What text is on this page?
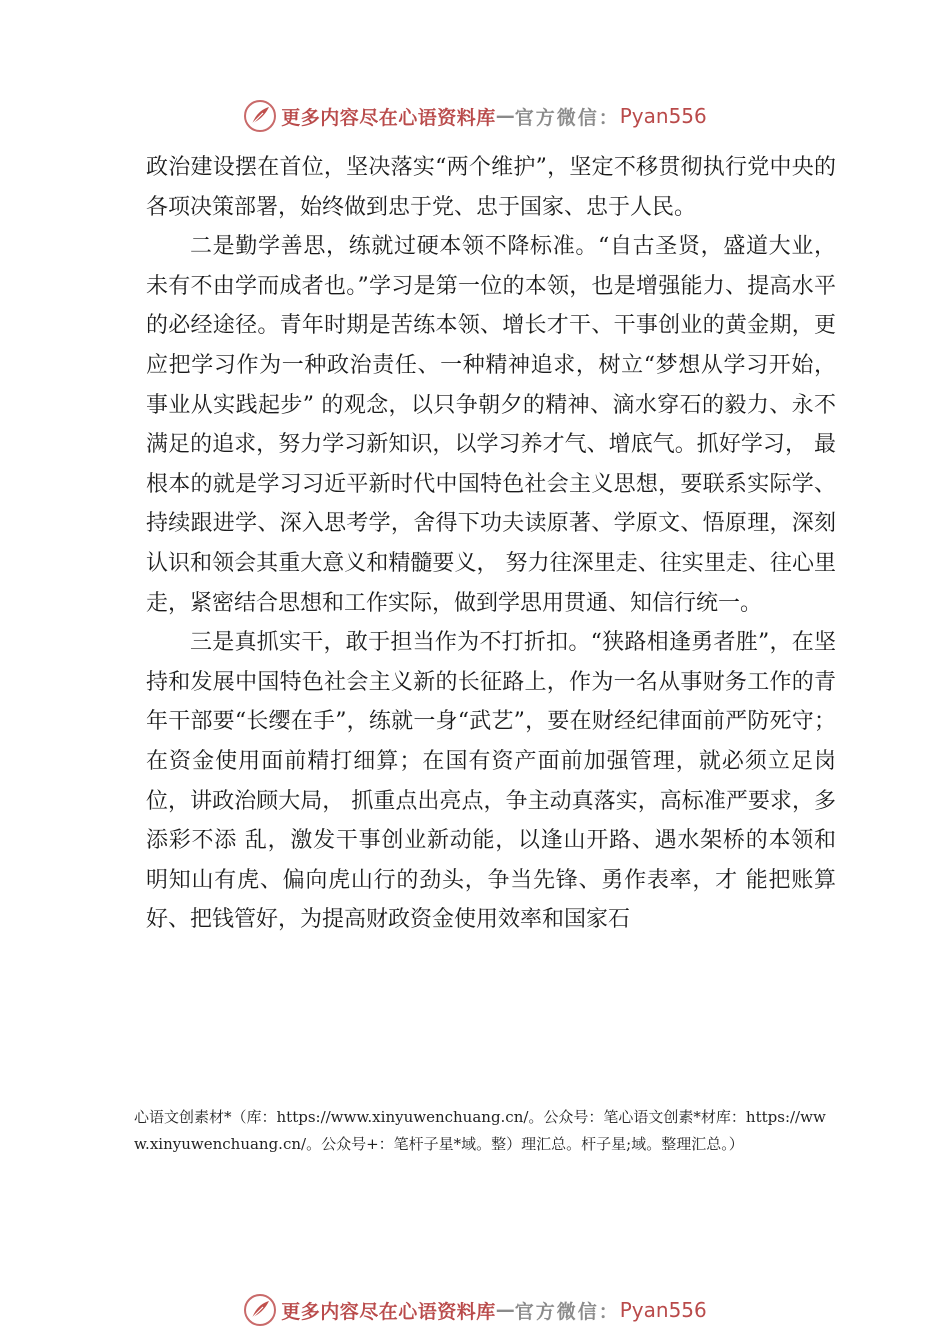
更多内容尽在心语资料库 — 官方微信： Pyan556

政治建设摆在首位，坚决落实“两个维护”，坚定不移贯彻执行党中央的各项决策部署，始终做到忠于党、忠于国家、忠于人民。

二是勤学善思，练就过硬本领不降标准。“自古圣贤，盛道大业，未有不由学而成者也。”学习是第一位的本领，也是增强能力、提高水平的必经途径。青年时期是苦练本领、增长才干、干事创业的黄金期，更应把学习作为一种政治责任、一种精神追求，树立“梦想从学习开始，事业从实践起步” 的观念，以只争朝夕的精神、滴水穿石的毅力、永不满足的追求，努力学习新知识，以学习养才气、增底气。抓好学习， 最根本的就是学习习近平新时代中国特色社会主义思想，要联系实际学、持续跟进学、深入思考学，舍得下功夫读原著、学原文、悟原理，深刻认识和领会其重大意义和精髓要义， 努力往深里走、往实里走、往心里走，紧密结合思想和工作实际，做到学思用贯通、知信行统一。

三是真抓实干，敢于担当作为不打折扣。“狭路相逢勇者胜”，在坚持和发展中国特色社会主义新的长征路上，作为一名从事财务工作的青年干部要“长缨在手”，练就一身“武艺”，要在财经纪律面前严防死守；在资金使用面前精打细算；在国有资产面前加强管理，就必须立足岗位，讲政治顾大局， 抓重点出亮点，争主动真落实，高标准严要求，多添彩不添 乱，激发干事创业新动能，以逢山开路、遇水架桥的本领和 明知山有虎、偏向虎山行的劲头，争当先锋、勇作表率，才 能把账算好、把钱管好，为提高财政资金使用效率和国家石

心语文创素材*（库：https://www.xinyuwenchuang.cn/。公众号：笔心语文创素*材库：https://www.xinyuwenchuang.cn/。公众号+：笔杆子星*域。整）理汇总。杆子星;域。整理汇总。）
更多内容尽在心语资料库 — 官方微信： Pyan556
